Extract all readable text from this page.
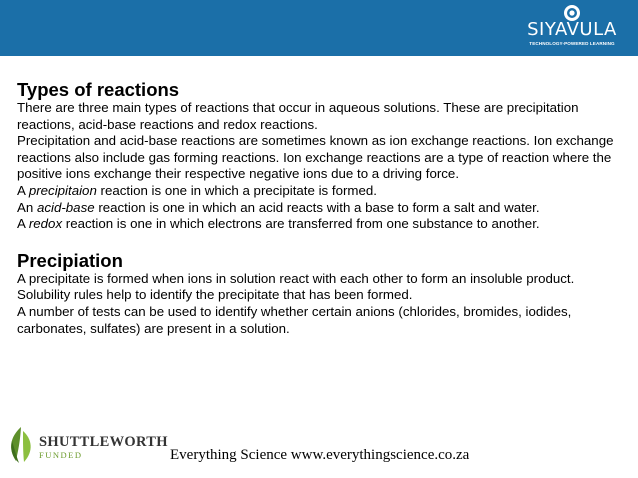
SIYAVULA
TECHNOLOGY-POWERED LEARNING
Types of reactions

There are three main types of reactions that occur in aqueous solutions. These are precipitation reactions, acid-base reactions and redox reactions.

Precipitation and acid-base reactions are sometimes known as ion exchange reactions. Ion exchange reactions also include gas forming reactions. Ion exchange reactions are a type of reaction where the positive ions exchange their respective negative ions due to a driving force.

A precipitaion reaction is one in which a precipitate is formed.

An acid-base reaction is one in which an acid reacts with a base to form a salt and water.

A redox reaction is one in which electrons are transferred from one substance to another.

Precipiation

A precipitate is formed when ions in solution react with each other to form an insoluble product.

Solubility rules help to identify the precipitate that has been formed.

A number of tests can be used to identify whether certain anions (chlorides, bromides, iodides, carbonates, sulfates) are present in a solution.

SHUTTLEWORTH
FUNDED	Everything Science www.everythingscience.co.za
